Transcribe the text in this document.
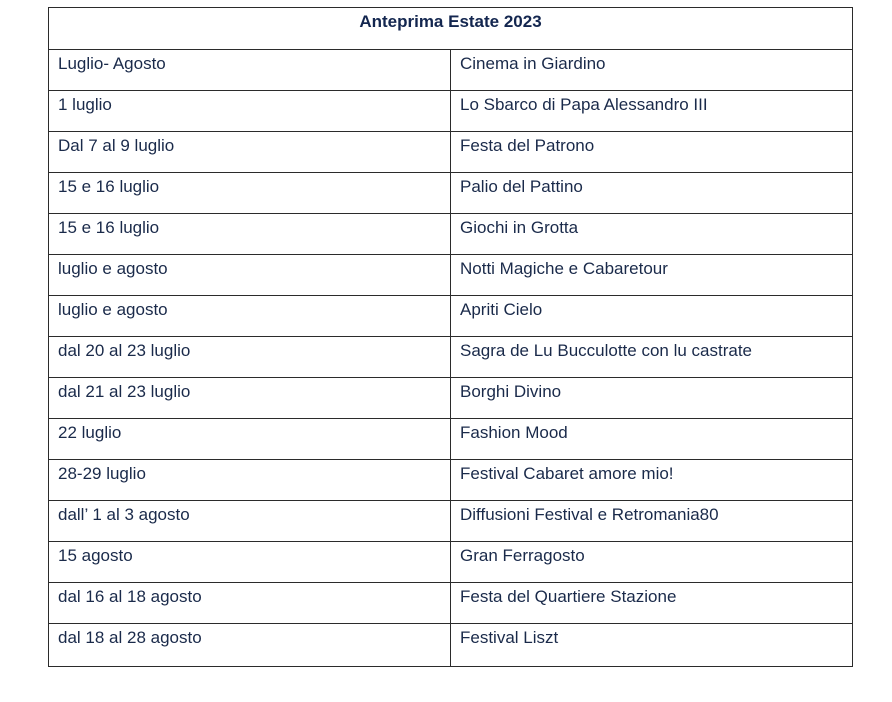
Anteprima Estate 2023	

Luglio- Agosto	Cinema in Giardino

1 luglio	Lo Sbarco di Papa Alessandro III

Dal 7 al 9 luglio	Festa del Patrono

15 e 16 luglio	Palio del Pattino

15 e 16 luglio	Giochi in Grotta

luglio e agosto	Notti Magiche e Cabaretour

luglio e agosto	Apriti Cielo

dal 20 al 23 luglio	Sagra de Lu Bucculotte con lu castrate

dal 21 al 23 luglio	Borghi Divino

22 luglio	Fashion Mood

28-29 luglio	Festival Cabaret amore mio!

dall’ 1 al 3 agosto	Diffusioni Festival e Retromania80

15 agosto	Gran Ferragosto

dal 16 al 18 agosto	Festa del Quartiere Stazione

dal 18 al 28 agosto	Festival Liszt
